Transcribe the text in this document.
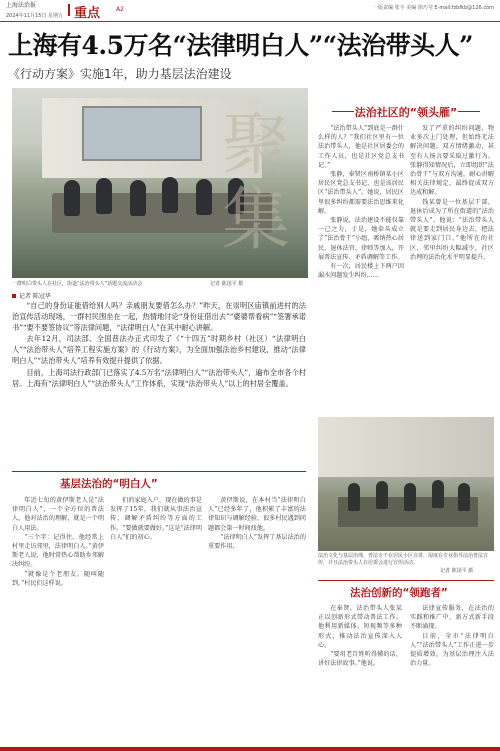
上海法治报
2024年11月15日 星期五 重点	A2	一版责编 张丰 美编 徐巧莹 E-mail:fzbfkb@126.com
上海有4.5万名“法律明白人”“法治带头人”
《行动方案》实施1年，助力基层法治建设
聚集
一群明白带头人在社区，街道“法治带头人”话题交流活动会	记者 陈国平 摄
记者 陈冠华

“自己的身份证能借给别人吗？亲戚朋友要借怎么办？”昨天，在崇明区庙镇前进村的法治宣传活动现场，一群村民围坐在一起，热情地讨论“身份证借出去”“婆婆帮看病”“签署承诺书”“要不要签协议”等法律问题，“法律明白人”在其中耐心讲解。

去年12月，司法部、全国普法办正式印发了《“十四五”时期乡村（社区）“法律明白人”“法治带头人”培养工程实施方案》的《行动方案》，为全面加强法治乡村建设，推动“法律明白人”“法治带头人”培养有效提升提供了依据。

目前，上海司法行政部门已落实了4.5万名“法律明白人”“法治带头人”，遍布全市各个村居。上海有“法律明白人”“法治带头人”工作体系，实现“法治带头人”以上的村居全覆盖。

法治社区的“领头雁”

“法治带头人”到底是一群什么样的人？“我们社区里有一位法治带头人，他是社区居委会的工作人员，也是社区党总支书记。”

张静，奉贤区南桥镇某小区居民区党总支书记，也是该居民区“法治带头人”。她说，居民区里很多纠纷都需要法治思维来化解。

张静说，法治建设不能仅靠一己之力，于是，她牵头成立了“法治骨干”小组，吸纳热心居民、退休法官、律师等加入，开展普法宣传、矛盾调解等工作。

有一次，居民楼上下两户因漏水问题发生纠纷……

发了严重的纠纷问题，物业多次上门处理，但始终无法解决问题。双方情绪激动，甚至有人扬言要采取过激行为。张静得知情况后，立即组织“法治骨干”与双方沟通，耐心讲解相关法律规定，最终促成双方达成和解。

钱某曾是一位基层干部，退休后成为了所在街道的“法治带头人”。他说：“法治带头人就是要走到居民身边去，把法律送到家门口。”他所在的社区，邻里纠纷大幅减少，社区治理的法治化水平明显提升。

法治文化与基层治理，普法专干在居民小区宣讲，湿度在专业指导法治普法宣传，并且法治带头人在居委会进行宣传活动。
记者 陈国平 摄
基层法治的“明白人”

年近七旬的黄伊斯老人是“法律明白人”，一个全方位的普法人。他对法治的理解，就是一个明白人用法。

“三个字：记得住。他经常上村里走访邻里，法律明白人。”黄伊斯老人说，他时常热心帮助乡邻解决纠纷。

“就像是个老朋友，随叫随到。”村民们这样说。

们的家庭入户，现在做的事是发挥了15年，我们就从事法治宣传、调解矛盾纠纷等方面的工作。“要做就要做好。”这是“法律明白人”们的初心。

黄伊斯说，在本村当“法律明白人”已经多年了，他积累了丰富的法律知识与调解经验，很多村民遇到问题都会第一时间找他。

“法律明白人”发挥了基层法治的重要作用。

法治创新的“领跑者”

在奉贤，法治带头人张某正以创新形式带动普法工作。他利用新媒体、短视频等多种形式，推动法治宣传深入人心。

“要用老百姓听得懂的话，讲好法律故事。”他说。

法律宣传服务，在法治的实践和推广中，新方式新手段不断涌现。

目前，全市“法律明白人”“法治带头人”工作正进一步提质增效，为基层治理注入法治力量。
